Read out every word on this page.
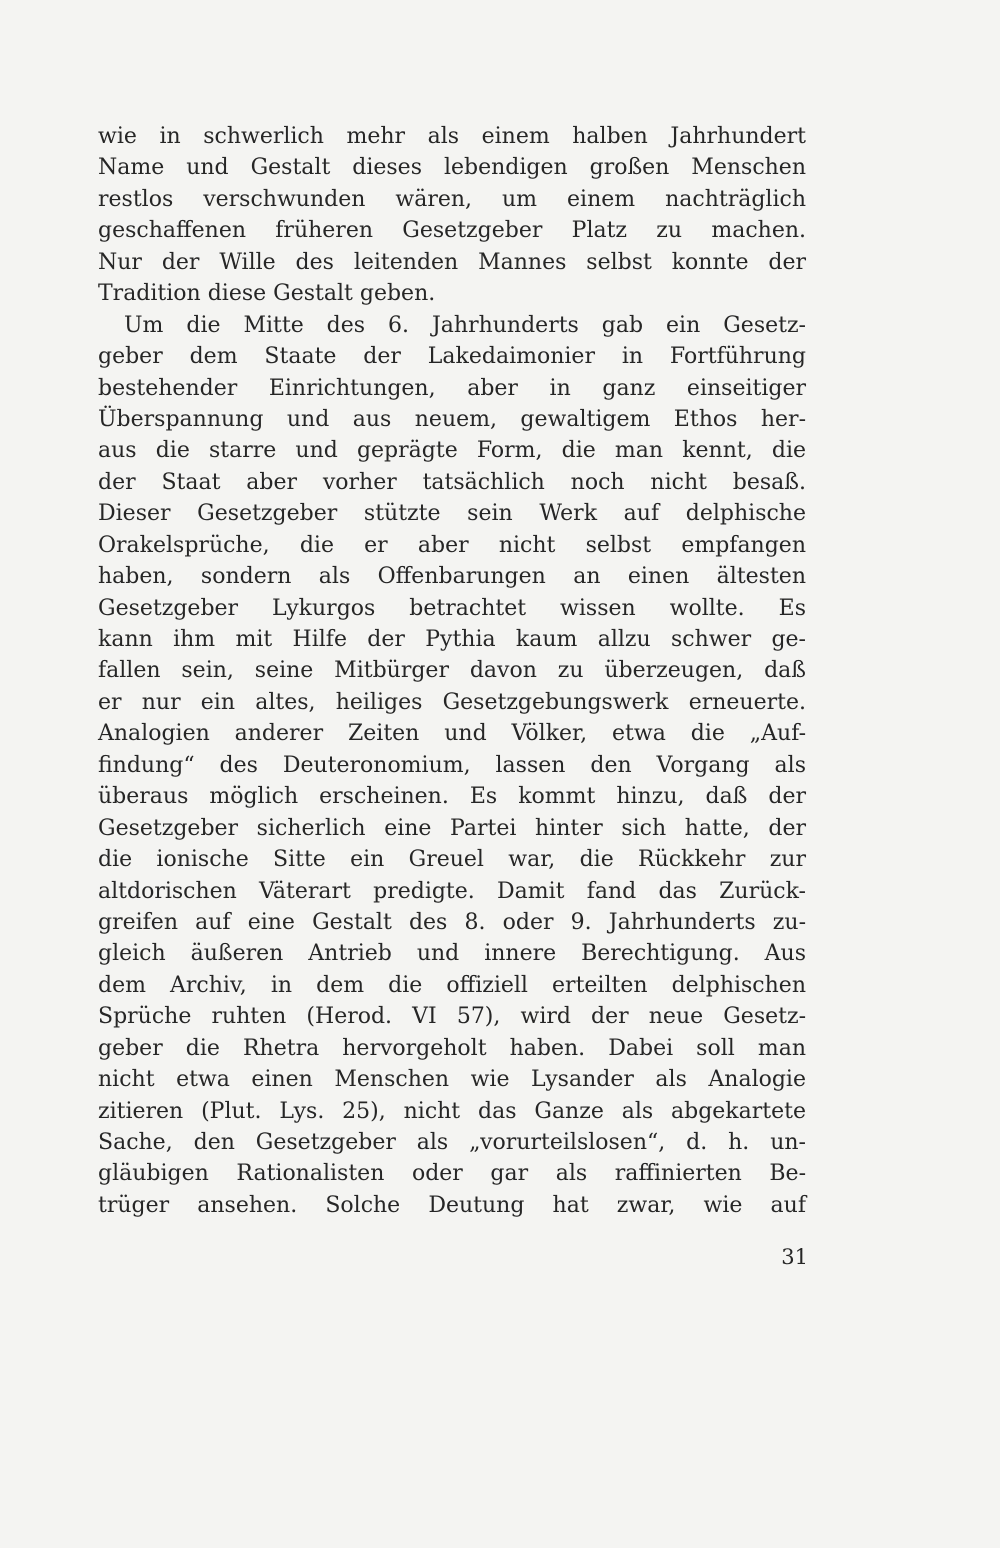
wie in schwerlich mehr als einem halben Jahrhundert
Name und Gestalt dieses lebendigen großen Menschen
restlos verschwunden wären, um einem nachträglich
geschaffenen früheren Gesetzgeber Platz zu machen.
Nur der Wille des leitenden Mannes selbst konnte der
Tradition diese Gestalt geben.
Um die Mitte des 6. Jahrhunderts gab ein Gesetz-
geber dem Staate der Lakedaimonier in Fortführung
bestehender Einrichtungen, aber in ganz einseitiger
Überspannung und aus neuem, gewaltigem Ethos her-
aus die starre und geprägte Form, die man kennt, die
der Staat aber vorher tatsächlich noch nicht besaß.
Dieser Gesetzgeber stützte sein Werk auf delphische
Orakelsprüche, die er aber nicht selbst empfangen
haben, sondern als Offenbarungen an einen ältesten
Gesetzgeber Lykurgos betrachtet wissen wollte. Es
kann ihm mit Hilfe der Pythia kaum allzu schwer ge-
fallen sein, seine Mitbürger davon zu überzeugen, daß
er nur ein altes, heiliges Gesetzgebungswerk erneuerte.
Analogien anderer Zeiten und Völker, etwa die „Auf-
findung“ des Deuteronomium, lassen den Vorgang als
überaus möglich erscheinen. Es kommt hinzu, daß der
Gesetzgeber sicherlich eine Partei hinter sich hatte, der
die ionische Sitte ein Greuel war, die Rückkehr zur
altdorischen Väterart predigte. Damit fand das Zurück-
greifen auf eine Gestalt des 8. oder 9. Jahrhunderts zu-
gleich äußeren Antrieb und innere Berechtigung. Aus
dem Archiv, in dem die offiziell erteilten delphischen
Sprüche ruhten (Herod. VI 57), wird der neue Gesetz-
geber die Rhetra hervorgeholt haben. Dabei soll man
nicht etwa einen Menschen wie Lysander als Analogie
zitieren (Plut. Lys. 25), nicht das Ganze als abgekartete
Sache, den Gesetzgeber als „vorurteilslosen“, d. h. un-
gläubigen Rationalisten oder gar als raffinierten Be-
trüger ansehen. Solche Deutung hat zwar, wie auf
31
